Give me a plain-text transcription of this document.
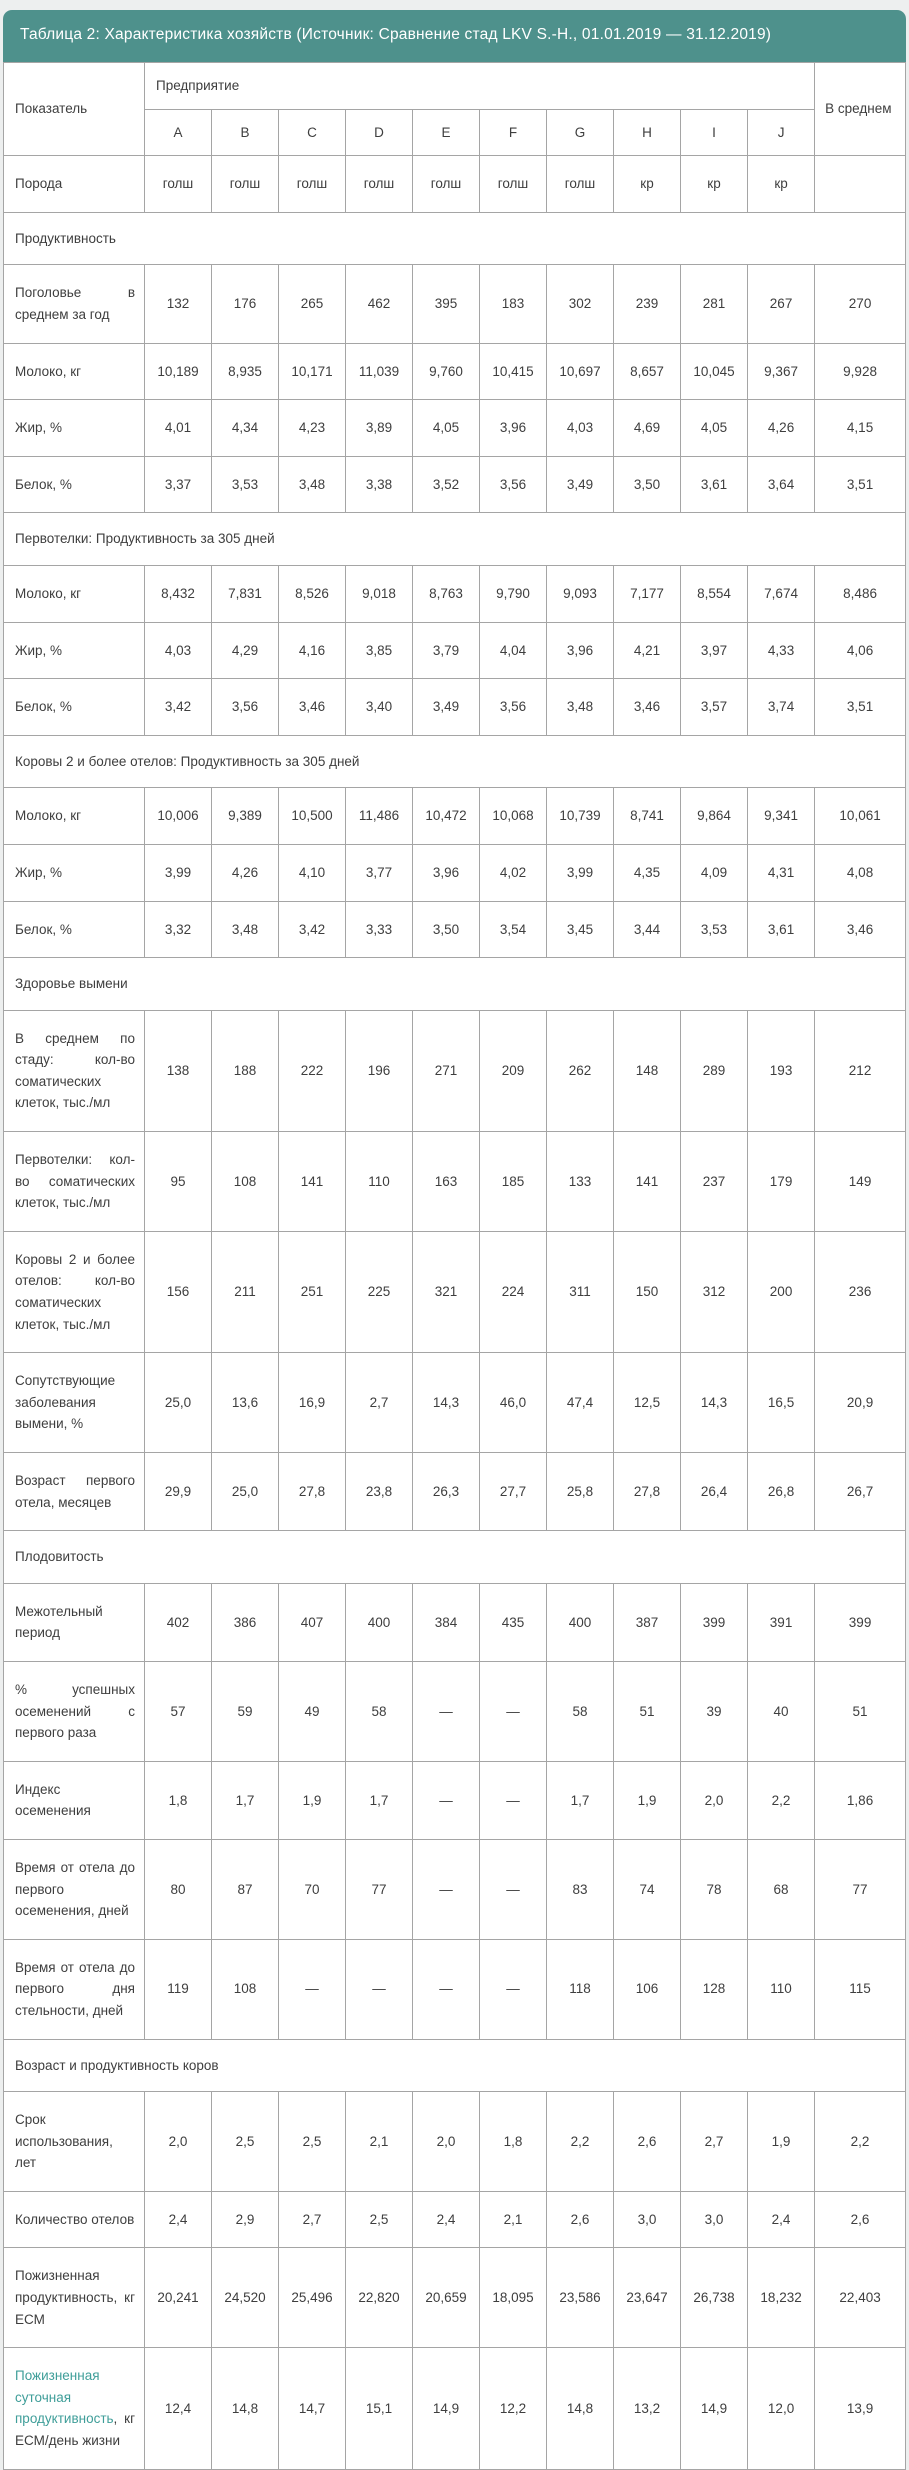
Таблица 2: Характеристика хозяйств (Источник: Сравнение стад LKV S.-H., 01.01.2019 — 31.12.2019)
Показатель	Предприятие										В среднем
	A	B	C	D	E	F	G	H	I	J	
Порода	голш	голш	голш	голш	голш	голш	голш	кр	кр	кр	
Продуктивность											
Поголовье в среднем за год	132	176	265	462	395	183	302	239	281	267	270
Молоко, кг	10,189	8,935	10,171	11,039	9,760	10,415	10,697	8,657	10,045	9,367	9,928
Жир, %	4,01	4,34	4,23	3,89	4,05	3,96	4,03	4,69	4,05	4,26	4,15
Белок, %	3,37	3,53	3,48	3,38	3,52	3,56	3,49	3,50	3,61	3,64	3,51
Первотелки: Продуктивность за 305 дней											
Молоко, кг	8,432	7,831	8,526	9,018	8,763	9,790	9,093	7,177	8,554	7,674	8,486
Жир, %	4,03	4,29	4,16	3,85	3,79	4,04	3,96	4,21	3,97	4,33	4,06
Белок, %	3,42	3,56	3,46	3,40	3,49	3,56	3,48	3,46	3,57	3,74	3,51
Коровы 2 и более отелов: Продуктивность за 305 дней											
Молоко, кг	10,006	9,389	10,500	11,486	10,472	10,068	10,739	8,741	9,864	9,341	10,061
Жир, %	3,99	4,26	4,10	3,77	3,96	4,02	3,99	4,35	4,09	4,31	4,08
Белок, %	3,32	3,48	3,42	3,33	3,50	3,54	3,45	3,44	3,53	3,61	3,46
Здоровье вымени											
В среднем по стаду: кол-во соматических клеток, тыс./мл	138	188	222	196	271	209	262	148	289	193	212
Первотелки: кол-во соматических клеток, тыс./мл	95	108	141	110	163	185	133	141	237	179	149
Коровы 2 и более отелов: кол-во соматических клеток, тыс./мл	156	211	251	225	321	224	311	150	312	200	236
Сопутствующие заболевания вымени, %	25,0	13,6	16,9	2,7	14,3	46,0	47,4	12,5	14,3	16,5	20,9
Возраст первого отела, месяцев	29,9	25,0	27,8	23,8	26,3	27,7	25,8	27,8	26,4	26,8	26,7
Плодовитость											
Межотельный период	402	386	407	400	384	435	400	387	399	391	399
% успешных осеменений с первого раза	57	59	49	58	—	—	58	51	39	40	51
Индекс осеменения	1,8	1,7	1,9	1,7	—	—	1,7	1,9	2,0	2,2	1,86
Время от отела до первого осеменения, дней	80	87	70	77	—	—	83	74	78	68	77
Время от отела до первого дня стельности, дней	119	108	—	—	—	—	118	106	128	110	115
Возраст и продуктивность коров											
Срок использования, лет	2,0	2,5	2,5	2,1	2,0	1,8	2,2	2,6	2,7	1,9	2,2
Количество отелов	2,4	2,9	2,7	2,5	2,4	2,1	2,6	3,0	3,0	2,4	2,6
Пожизненная продуктивность, кг ЕСМ	20,241	24,520	25,496	22,820	20,659	18,095	23,586	23,647	26,738	18,232	22,403
Пожизненная суточная продуктивность, кг ЕСМ/день жизни	12,4	14,8	14,7	15,1	14,9	12,2	14,8	13,2	14,9	12,0	13,9
